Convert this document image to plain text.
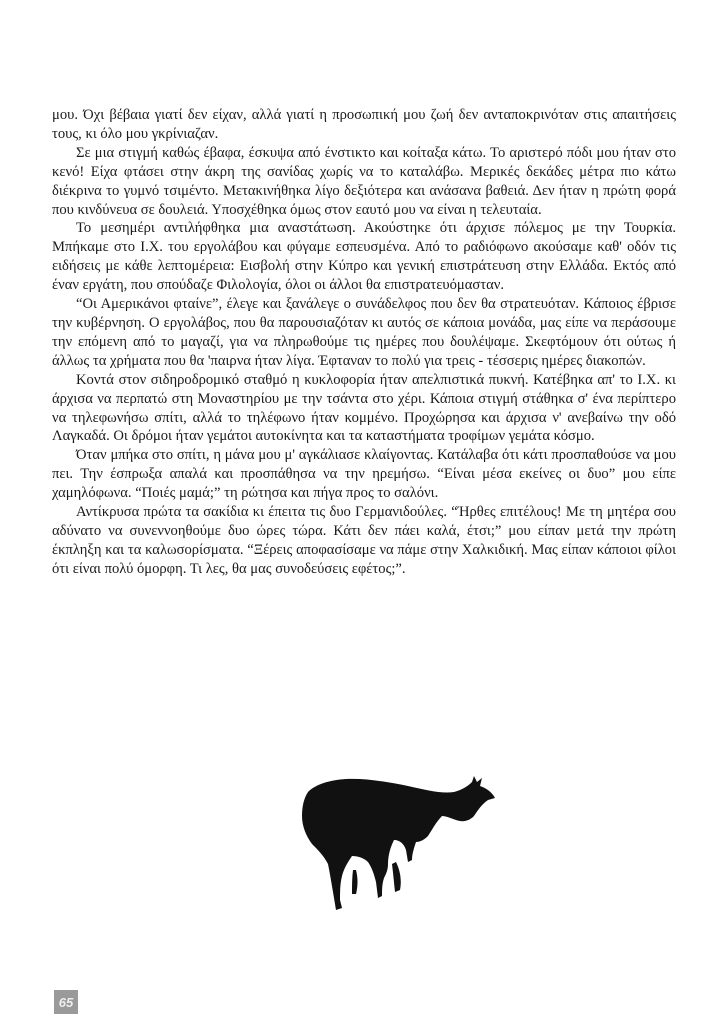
μου. Όχι βέβαια γιατί δεν είχαν, αλλά γιατί η προσωπική μου ζωή δεν ανταποκρινόταν στις απαιτήσεις τους, κι όλο μου γκρίνιαζαν.

Σε μια στιγμή καθώς έβαφα, έσκυψα από ένστικτο και κοίταξα κάτω. Το αριστερό πόδι μου ήταν στο κενό! Είχα φτάσει στην άκρη της σανίδας χωρίς να το καταλάβω. Μερικές δεκάδες μέτρα πιο κάτω διέκρινα το γυμνό τσιμέντο. Μετακινήθηκα λίγο δεξιότερα και ανάσανα βαθειά. Δεν ήταν η πρώτη φορά που κινδύνευα σε δουλειά. Υποσχέθηκα όμως στον εαυτό μου να είναι η τελευταία.

Το μεσημέρι αντιλήφθηκα μια αναστάτωση. Ακούστηκε ότι άρχισε πόλεμος με την Τουρκία. Μπήκαμε στο Ι.Χ. του εργολάβου και φύγαμε εσπευσμένα. Από το ραδιόφωνο ακούσαμε καθ' οδόν τις ειδήσεις με κάθε λεπτομέρεια: Εισβολή στην Κύπρο και γενική επιστράτευση στην Ελλάδα. Εκτός από έναν εργάτη, που σπούδαζε Φιλολογία, όλοι οι άλλοι θα επιστρατευόμασταν.

“Οι Αμερικάνοι φταίνε”, έλεγε και ξανάλεγε ο συνάδελφος που δεν θα στρατευόταν. Κάποιος έβρισε την κυβέρνηση. Ο εργολάβος, που θα παρουσιαζόταν κι αυτός σε κάποια μονάδα, μας είπε να περάσουμε την επόμενη από το μαγαζί, για να πληρωθούμε τις ημέρες που δουλέψαμε. Σκεφτόμουν ότι ούτως ή άλλως τα χρήματα που θα 'παιρνα ήταν λίγα. Έφταναν το πολύ για τρεις - τέσσερις ημέρες διακοπών.

Κοντά στον σιδηροδρομικό σταθμό η κυκλοφορία ήταν απελπιστικά πυκνή. Κατέβηκα απ' το Ι.Χ. κι άρχισα να περπατώ στη Μοναστηρίου με την τσάντα στο χέρι. Κάποια στιγμή στάθηκα σ' ένα περίπτερο να τηλεφωνήσω σπίτι, αλλά το τηλέφωνο ήταν κομμένο. Προχώρησα και άρχισα ν' ανεβαίνω την οδό Λαγκαδά. Οι δρόμοι ήταν γεμάτοι αυτοκίνητα και τα καταστήματα τροφίμων γεμάτα κόσμο.

Όταν μπήκα στο σπίτι, η μάνα μου μ' αγκάλιασε κλαίγοντας. Κατάλαβα ότι κάτι προσπαθούσε να μου πει. Την έσπρωξα απαλά και προσπάθησα να την ηρεμήσω. “Είναι μέσα εκείνες οι δυο” μου είπε χαμηλόφωνα. “Ποιές μαμά;” τη ρώτησα και πήγα προς το σαλόνι.

Αντίκρυσα πρώτα τα σακίδια κι έπειτα τις δυο Γερμανιδούλες. “Ήρθες επιτέλους! Με τη μητέρα σου αδύνατο να συνεννοηθούμε δυο ώρες τώρα. Κάτι δεν πάει καλά, έτσι;” μου είπαν μετά την πρώτη έκπληξη και τα καλωσορίσματα. “Ξέρεις αποφασίσαμε να πάμε στην Χαλκιδική. Μας είπαν κάποιοι φίλοι ότι είναι πολύ όμορφη. Τι λες, θα μας συνοδεύσεις εφέτος;”.

65
